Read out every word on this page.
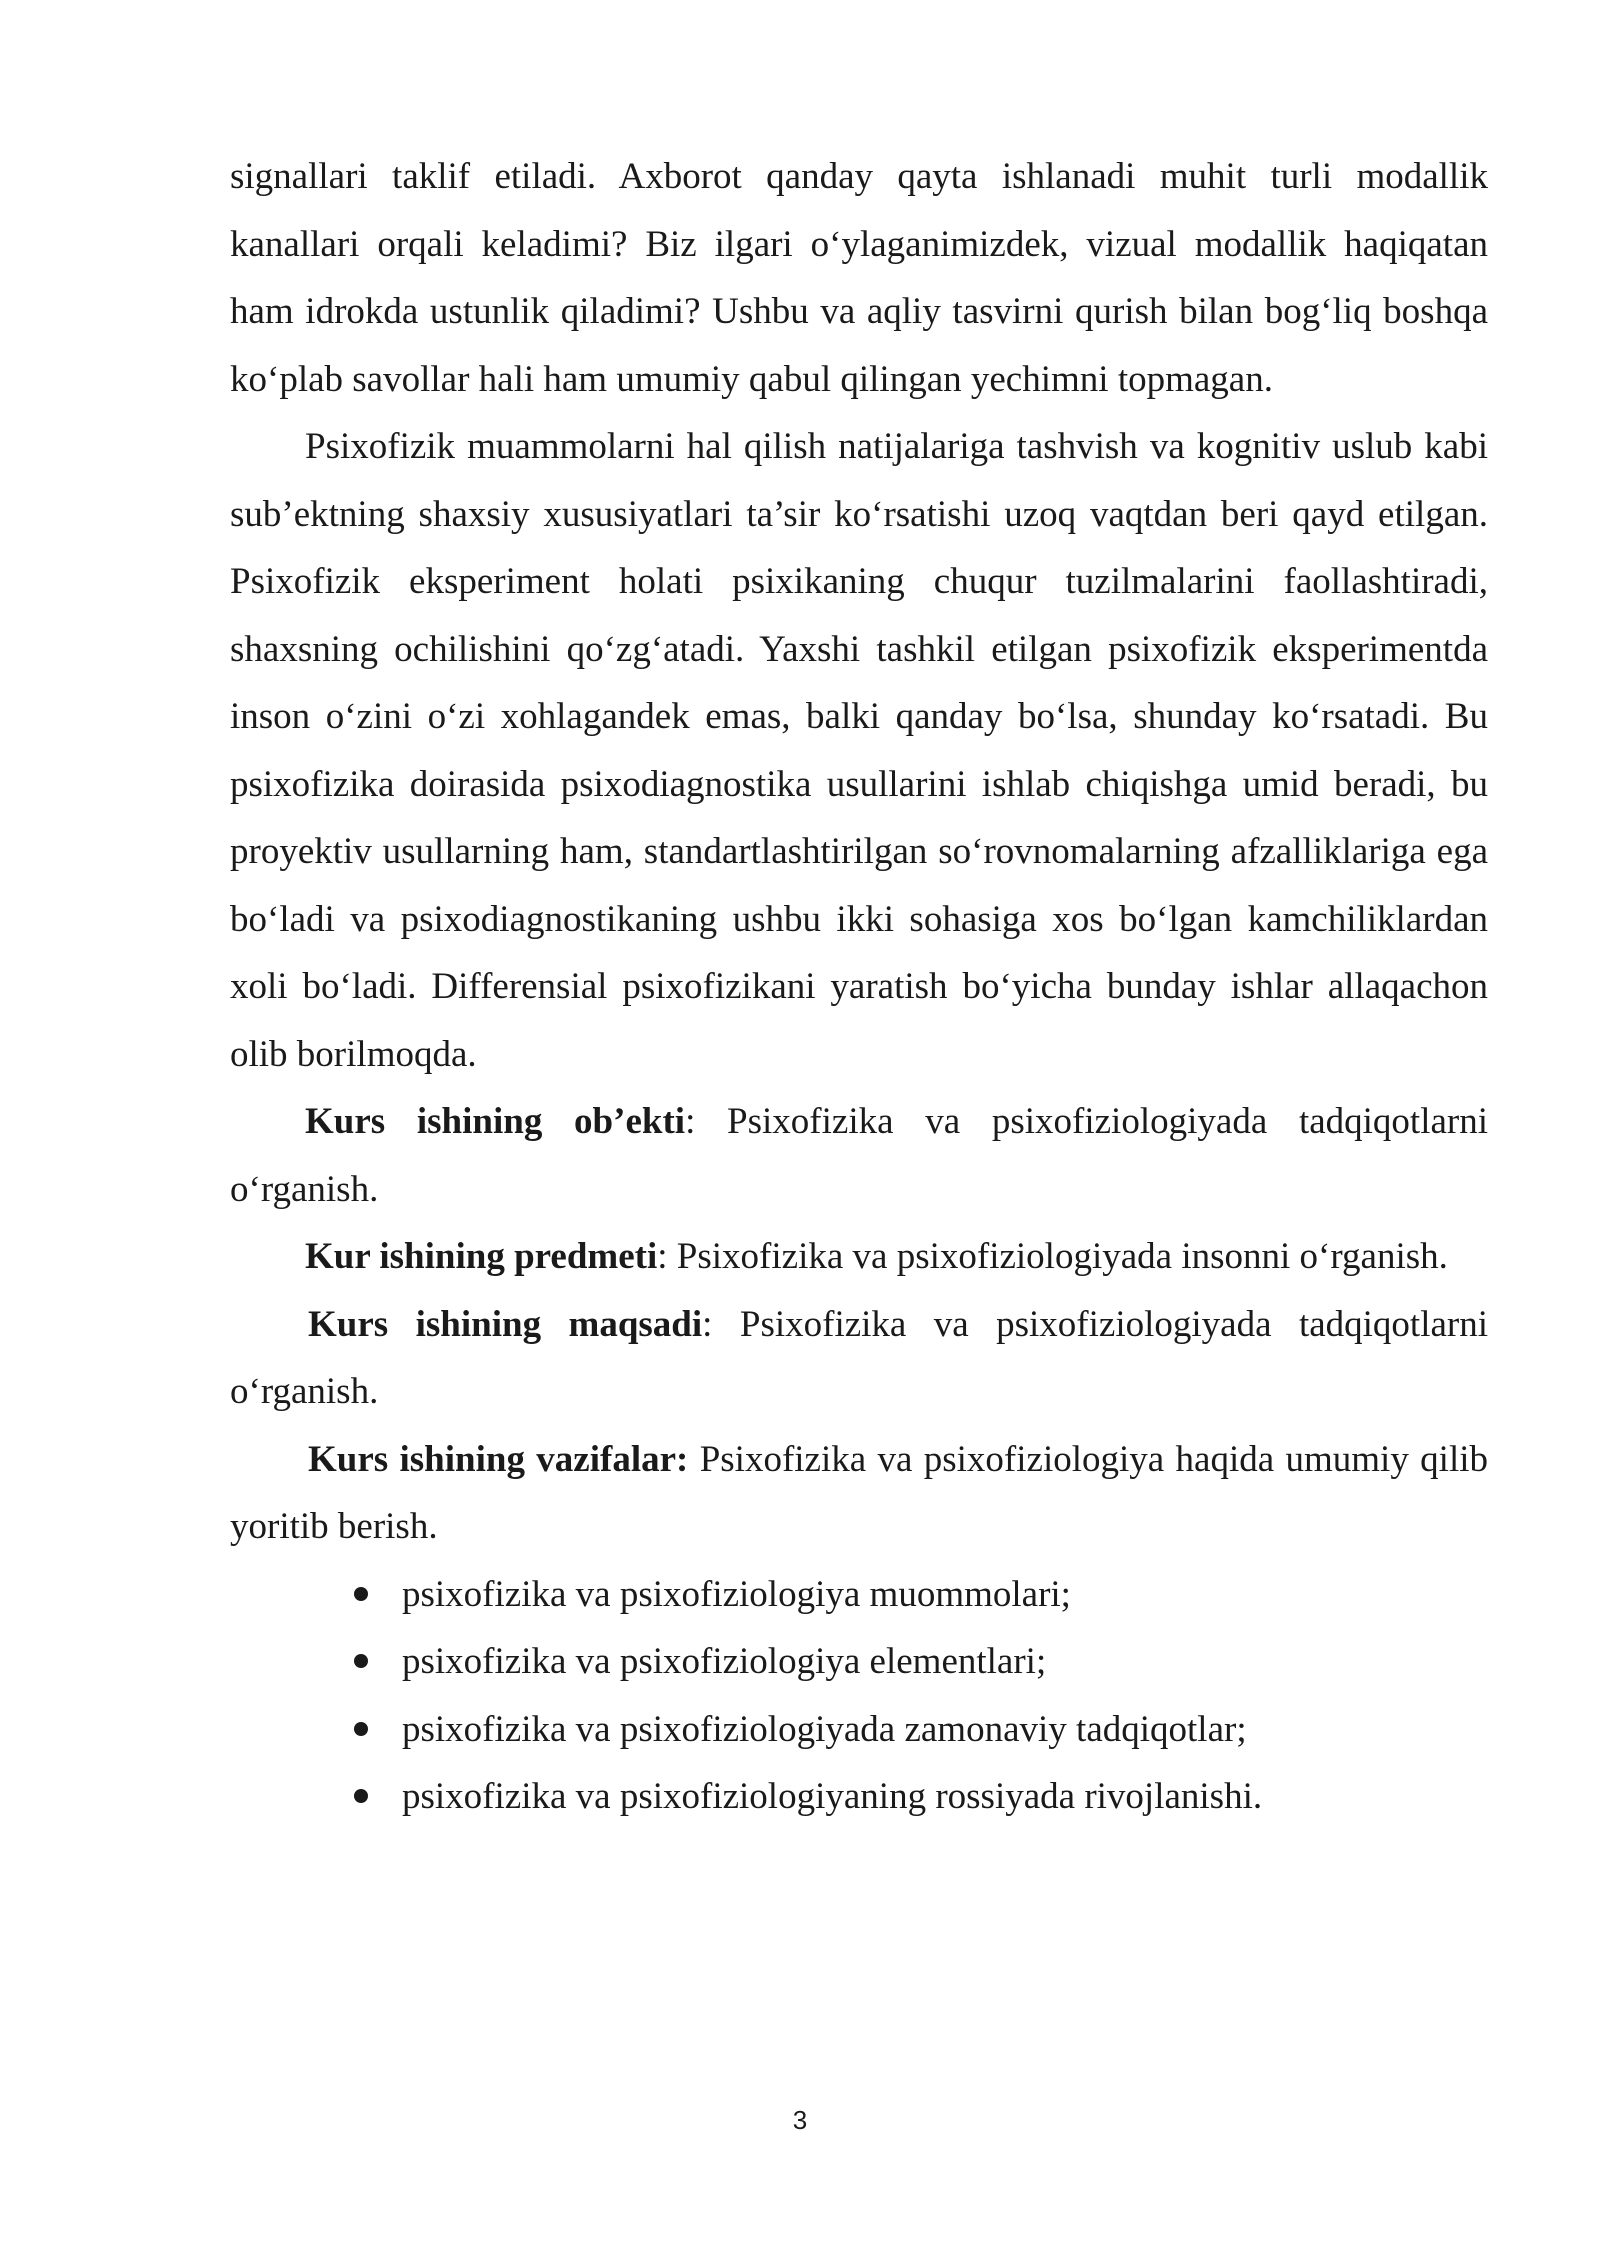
signallari taklif etiladi. Axborot qanday qayta ishlanadi muhit turli modallik kanallari orqali keladimi? Biz ilgari o‘ylaganimizdek, vizual modallik haqiqatan ham idrokda ustunlik qiladimi? Ushbu va aqliy tasvirni qurish bilan bog‘liq boshqa ko‘plab savollar hali ham umumiy qabul qilingan yechimni topmagan.

Psixofizik muammolarni hal qilish natijalariga tashvish va kognitiv uslub kabi sub’ektning shaxsiy xususiyatlari ta’sir ko‘rsatishi uzoq vaqtdan beri qayd etilgan. Psixofizik eksperiment holati psixikaning chuqur tuzilmalarini faollashtiradi, shaxsning ochilishini qo‘zg‘atadi. Yaxshi tashkil etilgan psixofizik eksperimentda inson o‘zini o‘zi xohlagandek emas, balki qanday bo‘lsa, shunday ko‘rsatadi. Bu psixofizika doirasida psixodiagnostika usullarini ishlab chiqishga umid beradi, bu proyektiv usullarning ham, standartlashtirilgan so‘rovnomalarning afzalliklariga ega bo‘ladi va psixodiagnostikaning ushbu ikki sohasiga xos bo‘lgan kamchiliklardan xoli bo‘ladi. Differensial psixofizikani yaratish bo‘yicha bunday ishlar allaqachon olib borilmoqda.

Kurs ishining ob’ekti: Psixofizika va psixofiziologiyada tadqiqotlarni o‘rganish.

Kur ishining predmeti: Psixofizika va psixofiziologiyada insonni o‘rganish.

Kurs ishining maqsadi: Psixofizika va psixofiziologiyada tadqiqotlarni o‘rganish.

Kurs ishining vazifalar: Psixofizika va psixofiziologiya haqida umumiy qilib yoritib berish.

psixofizika va psixofiziologiya muommolari;
psixofizika va psixofiziologiya elementlari;
psixofizika va psixofiziologiyada zamonaviy tadqiqotlar;
psixofizika va psixofiziologiyaning rossiyada rivojlanishi.
3
